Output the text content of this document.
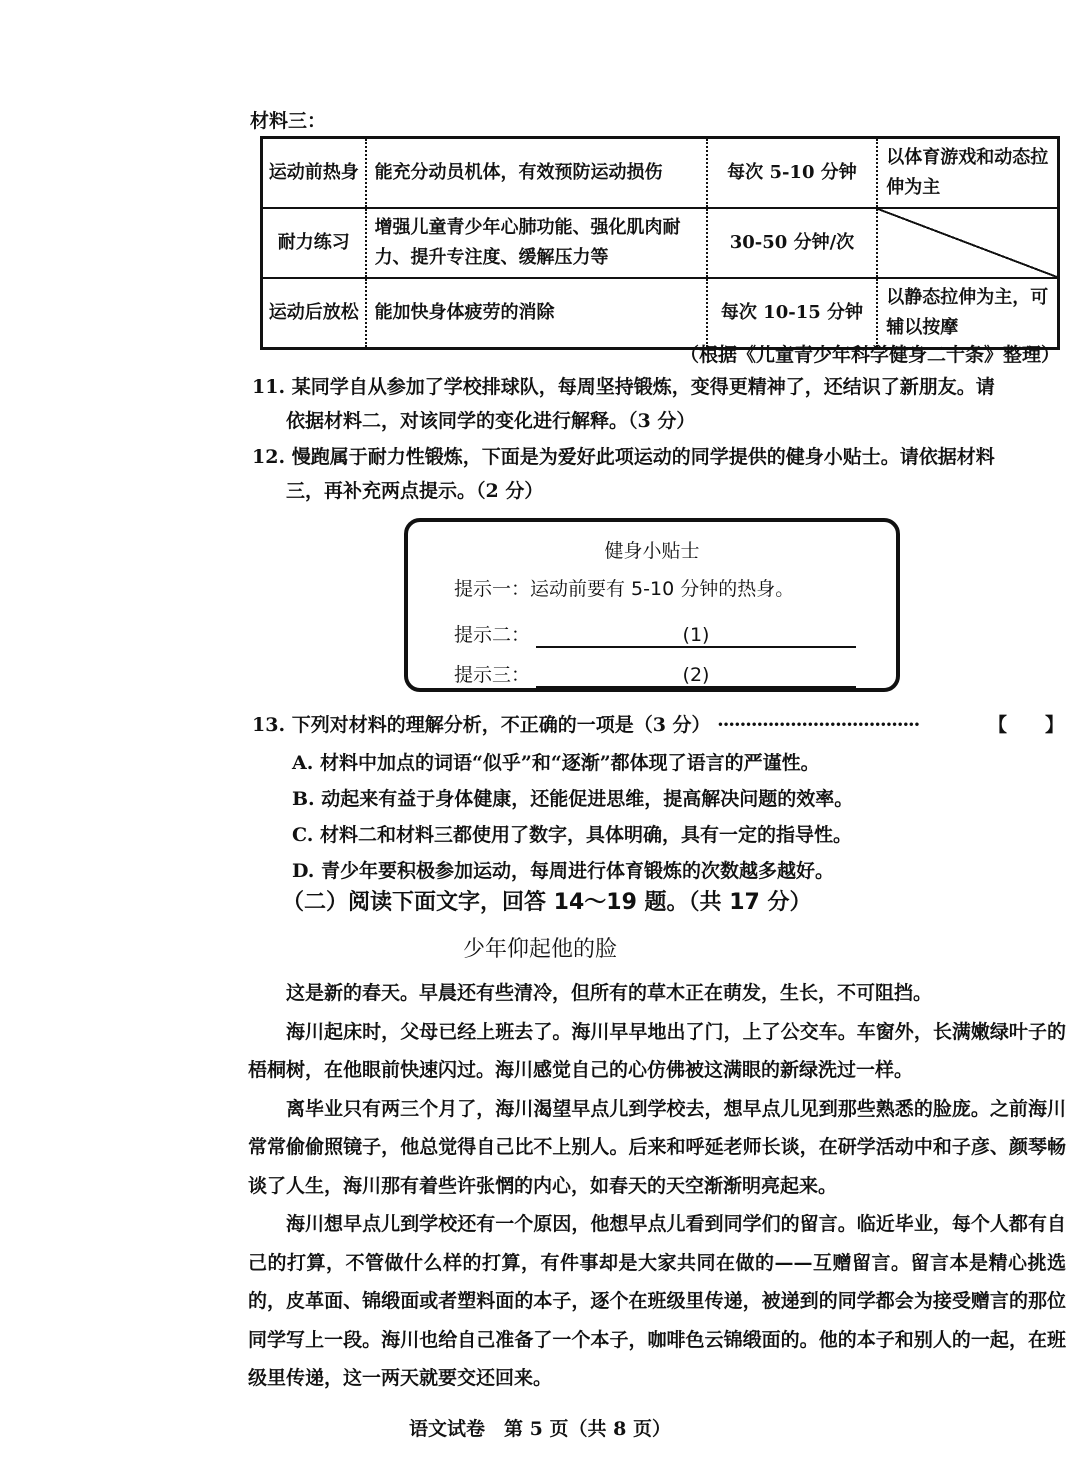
材料三：
运动前热身	能充分动员机体，有效预防运动损伤	每次 5-10 分钟	以体育游戏和动态拉伸为主
耐力练习	增强儿童青少年心肺功能、强化肌肉耐力、提升专注度、缓解压力等	30-50 分钟/次	
运动后放松	能加快身体疲劳的消除	每次 10-15 分钟	以静态拉伸为主，可辅以按摩
（根据《儿童青少年科学健身二十条》整理）
11. 某同学自从参加了学校排球队，每周坚持锻炼，变得更精神了，还结识了新朋友。请
依据材料二，对该同学的变化进行解释。（3 分）
12. 慢跑属于耐力性锻炼，下面是为爱好此项运动的同学提供的健身小贴士。请依据材料
三，再补充两点提示。（2 分）
健身小贴士
提示一：运动前要有 5-10 分钟的热身。
提示二：	(1)
提示三：	(2)
13. 下列对材料的理解分析，不正确的一项是（3 分） ····································	【　　】
A. 材料中加点的词语“似乎”和“逐渐”都体现了语言的严谨性。
B. 动起来有益于身体健康，还能促进思维，提高解决问题的效率。
C. 材料二和材料三都使用了数字，具体明确，具有一定的指导性。
D. 青少年要积极参加运动，每周进行体育锻炼的次数越多越好。
（二）阅读下面文字，回答 14～19 题。（共 17 分）
少年仰起他的脸

这是新的春天。早晨还有些清冷，但所有的草木正在萌发，生长，不可阻挡。

海川起床时，父母已经上班去了。海川早早地出了门，上了公交车。车窗外，长满嫩绿叶子的梧桐树，在他眼前快速闪过。海川感觉自己的心仿佛被这满眼的新绿洗过一样。

离毕业只有两三个月了，海川渴望早点儿到学校去，想早点儿见到那些熟悉的脸庞。之前海川常常偷偷照镜子，他总觉得自己比不上别人。后来和呼延老师长谈，在研学活动中和子彦、颜琴畅谈了人生，海川那有着些许张惘的内心，如春天的天空渐渐明亮起来。

海川想早点儿到学校还有一个原因，他想早点儿看到同学们的留言。临近毕业，每个人都有自己的打算，不管做什么样的打算，有件事却是大家共同在做的——互赠留言。留言本是精心挑选的，皮革面、锦缎面或者塑料面的本子，逐个在班级里传递，被递到的同学都会为接受赠言的那位同学写上一段。海川也给自己准备了一个本子，咖啡色云锦缎面的。他的本子和别人的一起，在班级里传递，这一两天就要交还回来。

语文试卷　第 5 页（共 8 页）
